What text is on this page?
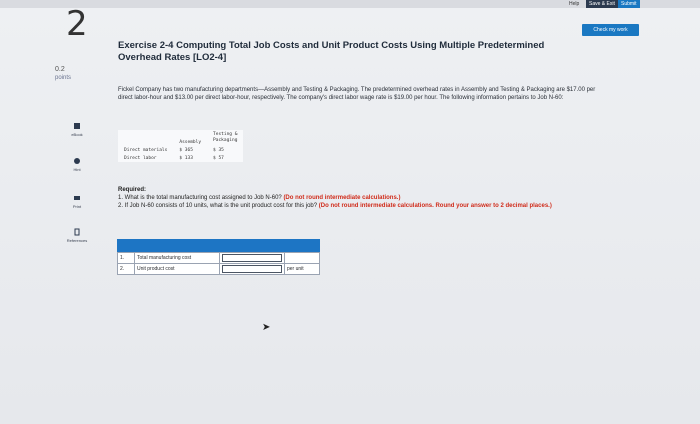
Help	Save & Exit	Submit
2
0.2
points
eBook
Hint
Print
References
Check my work
Exercise 2-4 Computing Total Job Costs and Unit Product Costs Using Multiple Predetermined Overhead Rates [LO2-4]
Fickel Company has two manufacturing departments—Assembly and Testing & Packaging. The predetermined overhead rates in Assembly and Testing & Packaging are $17.00 per direct labor-hour and $13.00 per direct labor-hour, respectively. The company's direct labor wage rate is $19.00 per hour. The following information pertains to Job N-60:
	Assembly	Testing &
Packaging
Direct materials	$ 365	$ 35
Direct labor	$ 133	$ 57
Required:
1. What is the total manufacturing cost assigned to Job N-60? (Do not round intermediate calculations.)
2. If Job N-60 consists of 10 units, what is the unit product cost for this job? (Do not round intermediate calculations. Round your answer to 2 decimal places.)
1.	Total manufacturing cost		
2.	Unit product cost		per unit
➤
